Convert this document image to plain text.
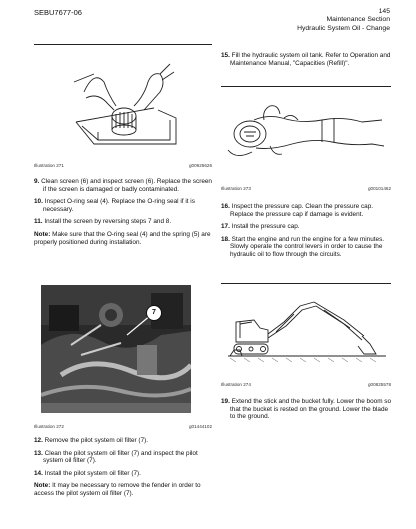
SEBU7677-06	145
Maintenance Section
Hydraulic System Oil - Change
Illustration 271	g00925626
9. Clean screen (6) and inspect screen (6). Replace the screen if the screen is damaged or badly contaminated.
10. Inspect O-ring seal (4). Replace the O-ring seal if it is necessary.
11. Install the screen by reversing steps 7 and 8.
Note: Make sure that the O-ring seal (4) and the spring (5) are properly positioned during installation.
7
Illustration 272	g01444102
12. Remove the pilot system oil filter (7).
13. Clean the pilot system oil filter (7) and inspect the pilot system oil filter (7).
14. Install the pilot system oil filter (7).
Note: It may be necessary to remove the fender in order to access the pilot system oil filter (7).
15. Fill the hydraulic system oil tank. Refer to Operation and Maintenance Manual, "Capacities (Refill)".
Illustration 273	g00101462
16. Inspect the pressure cap. Clean the pressure cap. Replace the pressure cap if damage is evident.
17. Install the pressure cap.
18. Start the engine and run the engine for a few minutes. Slowly operate the control levers in order to cause the hydraulic oil to flow through the circuits.
Illustration 274	g00825578
19. Extend the stick and the bucket fully. Lower the boom so that the bucket is rested on the ground. Lower the blade to the ground.
